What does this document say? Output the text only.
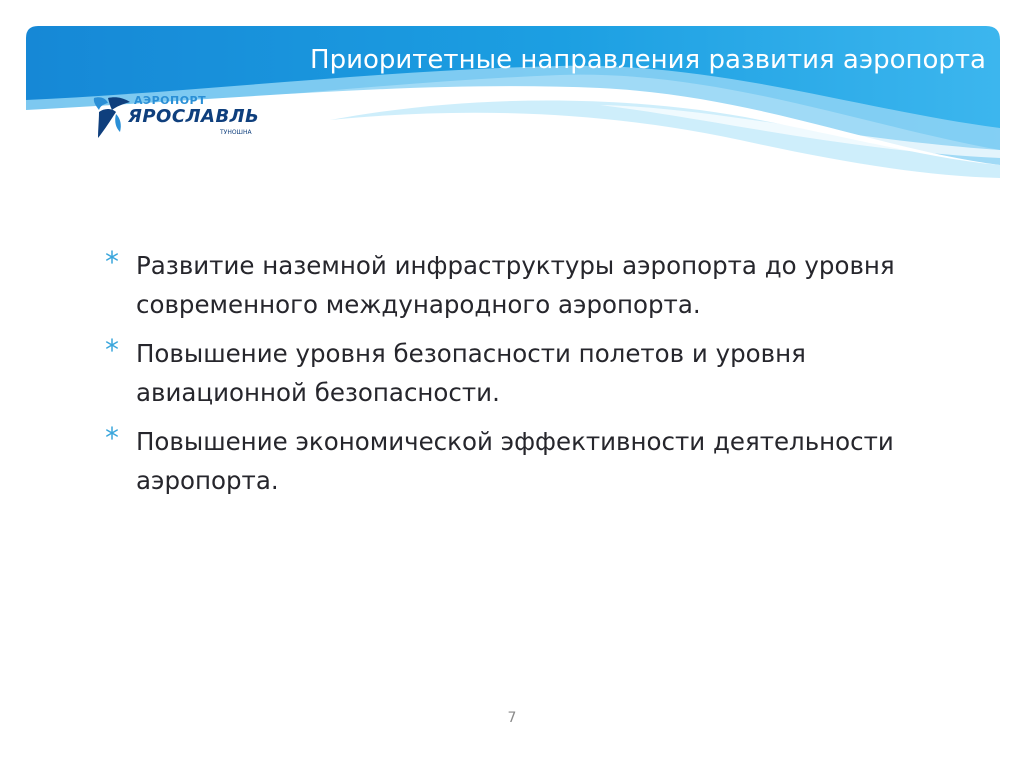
Приоритетные направления развития аэропорта
АЭРОПОРТ
ЯРОСЛАВЛЬ
ТУНОШНА
Развитие наземной инфраструктуры аэропорта до уровня современного международного аэропорта.
Повышение уровня безопасности полетов и уровня авиационной безопасности.
Повышение экономической эффективности деятельности аэропорта.
7
